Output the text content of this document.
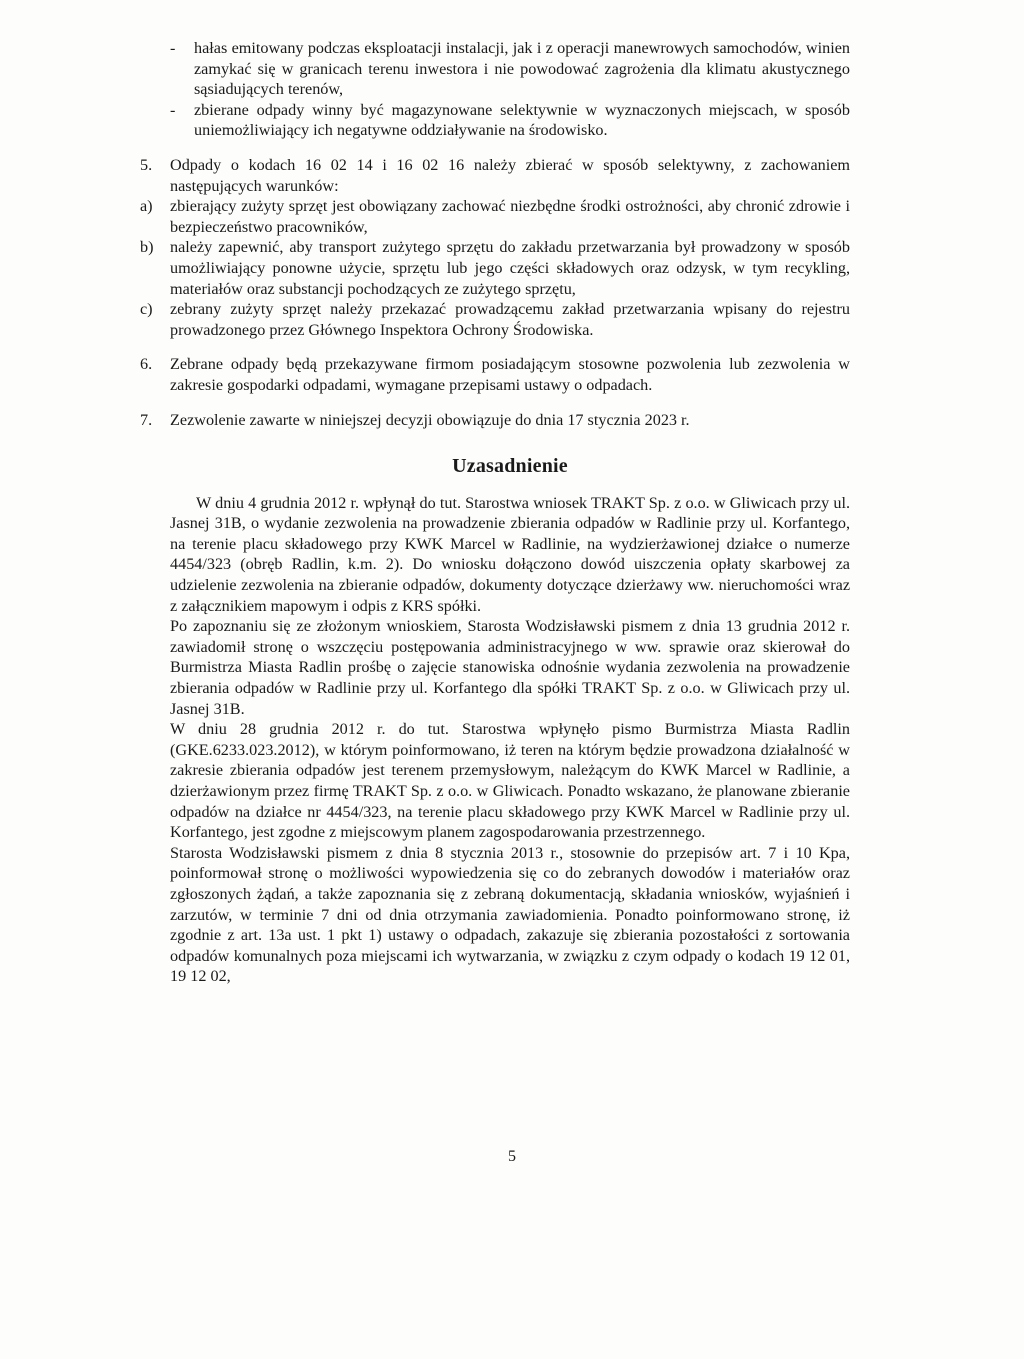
- hałas emitowany podczas eksploatacji instalacji, jak i z operacji manewrowych samochodów, winien zamykać się w granicach terenu inwestora i nie powodować zagrożenia dla klimatu akustycznego sąsiadujących terenów,

- zbierane odpady winny być magazynowane selektywnie w wyznaczonych miejscach, w sposób uniemożliwiający ich negatywne oddziaływanie na środowisko.

5. Odpady o kodach 16 02 14 i 16 02 16 należy zbierać w sposób selektywny, z zachowaniem następujących warunków:

a) zbierający zużyty sprzęt jest obowiązany zachować niezbędne środki ostrożności, aby chronić zdrowie i bezpieczeństwo pracowników,

b) należy zapewnić, aby transport zużytego sprzętu do zakładu przetwarzania był prowadzony w sposób umożliwiający ponowne użycie, sprzętu lub jego części składowych oraz odzysk, w tym recykling, materiałów oraz substancji pochodzących ze zużytego sprzętu,

c) zebrany zużyty sprzęt należy przekazać prowadzącemu zakład przetwarzania wpisany do rejestru prowadzonego przez Głównego Inspektora Ochrony Środowiska.

6. Zebrane odpady będą przekazywane firmom posiadającym stosowne pozwolenia lub zezwolenia w zakresie gospodarki odpadami, wymagane przepisami ustawy o odpadach.

7. Zezwolenie zawarte w niniejszej decyzji obowiązuje do dnia 17 stycznia 2023 r.

Uzasadnienie

W dniu 4 grudnia 2012 r. wpłynął do tut. Starostwa wniosek TRAKT Sp. z o.o. w Gliwicach przy ul. Jasnej 31B, o wydanie zezwolenia na prowadzenie zbierania odpadów w Radlinie przy ul. Korfantego, na terenie placu składowego przy KWK Marcel w Radlinie, na wydzierżawionej działce o numerze 4454/323 (obręb Radlin, k.m. 2). Do wniosku dołączono dowód uiszczenia opłaty skarbowej za udzielenie zezwolenia na zbieranie odpadów, dokumenty dotyczące dzierżawy ww. nieruchomości wraz z załącznikiem mapowym i odpis z KRS spółki.

Po zapoznaniu się ze złożonym wnioskiem, Starosta Wodzisławski pismem z dnia 13 grudnia 2012 r. zawiadomił stronę o wszczęciu postępowania administracyjnego w ww. sprawie oraz skierował do Burmistrza Miasta Radlin prośbę o zajęcie stanowiska odnośnie wydania zezwolenia na prowadzenie zbierania odpadów w Radlinie przy ul. Korfantego dla spółki TRAKT Sp. z o.o. w Gliwicach przy ul. Jasnej 31B.

W dniu 28 grudnia 2012 r. do tut. Starostwa wpłynęło pismo Burmistrza Miasta Radlin (GKE.6233.023.2012), w którym poinformowano, iż teren na którym będzie prowadzona działalność w zakresie zbierania odpadów jest terenem przemysłowym, należącym do KWK Marcel w Radlinie, a dzierżawionym przez firmę TRAKT Sp. z o.o. w Gliwicach. Ponadto wskazano, że planowane zbieranie odpadów na działce nr 4454/323, na terenie placu składowego przy KWK Marcel w Radlinie przy ul. Korfantego, jest zgodne z miejscowym planem zagospodarowania przestrzennego.

Starosta Wodzisławski pismem z dnia 8 stycznia 2013 r., stosownie do przepisów art. 7 i 10 Kpa, poinformował stronę o możliwości wypowiedzenia się co do zebranych dowodów i materiałów oraz zgłoszonych żądań, a także zapoznania się z zebraną dokumentacją, składania wniosków, wyjaśnień i zarzutów, w terminie 7 dni od dnia otrzymania zawiadomienia. Ponadto poinformowano stronę, iż zgodnie z art. 13a ust. 1 pkt 1) ustawy o odpadach, zakazuje się zbierania pozostałości z sortowania odpadów komunalnych poza miejscami ich wytwarzania, w związku z czym odpady o kodach 19 12 01, 19 12 02,

5
